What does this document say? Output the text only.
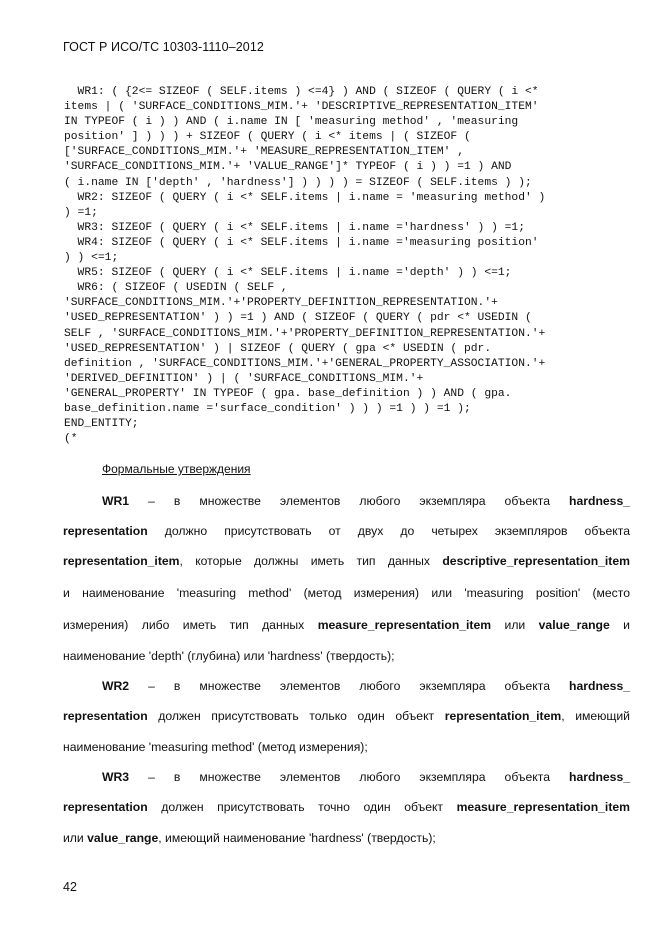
ГОСТ Р ИСО/ТС 10303-1110–2012
WR1: ( {2<= SIZEOF ( SELF.items ) <=4} ) AND ( SIZEOF ( QUERY ( i <*
items | ( 'SURFACE_CONDITIONS_MIM.'+ 'DESCRIPTIVE_REPRESENTATION_ITEM'
IN TYPEOF ( i ) ) AND ( i.name IN [ 'measuring method' , 'measuring
position' ] ) ) ) + SIZEOF ( QUERY ( i <* items | ( SIZEOF (
['SURFACE_CONDITIONS_MIM.'+ 'MEASURE_REPRESENTATION_ITEM' ,
'SURFACE_CONDITIONS_MIM.'+ 'VALUE_RANGE']* TYPEOF ( i ) ) =1 ) AND
( i.name IN ['depth' , 'hardness'] ) ) ) ) = SIZEOF ( SELF.items ) );
WR2: SIZEOF ( QUERY ( i <* SELF.items | i.name = 'measuring method' )
) =1;
WR3: SIZEOF ( QUERY ( i <* SELF.items | i.name ='hardness' ) ) =1;
WR4: SIZEOF ( QUERY ( i <* SELF.items | i.name ='measuring position'
) ) <=1;
WR5: SIZEOF ( QUERY ( i <* SELF.items | i.name ='depth' ) ) <=1;
WR6: ( SIZEOF ( USEDIN ( SELF ,
'SURFACE_CONDITIONS_MIM.'+'PROPERTY_DEFINITION_REPRESENTATION.'+
'USED_REPRESENTATION' ) ) =1 ) AND ( SIZEOF ( QUERY ( pdr <* USEDIN (
SELF , 'SURFACE_CONDITIONS_MIM.'+'PROPERTY_DEFINITION_REPRESENTATION.'+
'USED_REPRESENTATION' ) | SIZEOF ( QUERY ( gpa <* USEDIN ( pdr.
definition , 'SURFACE_CONDITIONS_MIM.'+'GENERAL_PROPERTY_ASSOCIATION.'+
'DERIVED_DEFINITION' ) | ( 'SURFACE_CONDITIONS_MIM.'+
'GENERAL_PROPERTY' IN TYPEOF ( gpa. base_definition ) ) AND ( gpa.
base_definition.name ='surface_condition' ) ) ) =1 ) ) =1 );
END_ENTITY;
(*
Формальные утверждения
WR1 – в множестве элементов любого экземпляра объекта hardness_
representation должно присутствовать от двух до четырех экземпляров объекта
representation_item, которые должны иметь тип данных descriptive_representation_item
и наименование 'measuring method' (метод измерения) или 'measuring position' (место
измерения) либо иметь тип данных measure_representation_item или value_range и
наименование 'depth' (глубина) или 'hardness' (твердость);
WR2 – в множестве элементов любого экземпляра объекта hardness_
representation должен присутствовать только один объект representation_item, имеющий
наименование 'measuring method' (метод измерения);
WR3 – в множестве элементов любого экземпляра объекта hardness_
representation должен присутствовать точно один объект measure_representation_item
или value_range, имеющий наименование 'hardness' (твердость);
42
